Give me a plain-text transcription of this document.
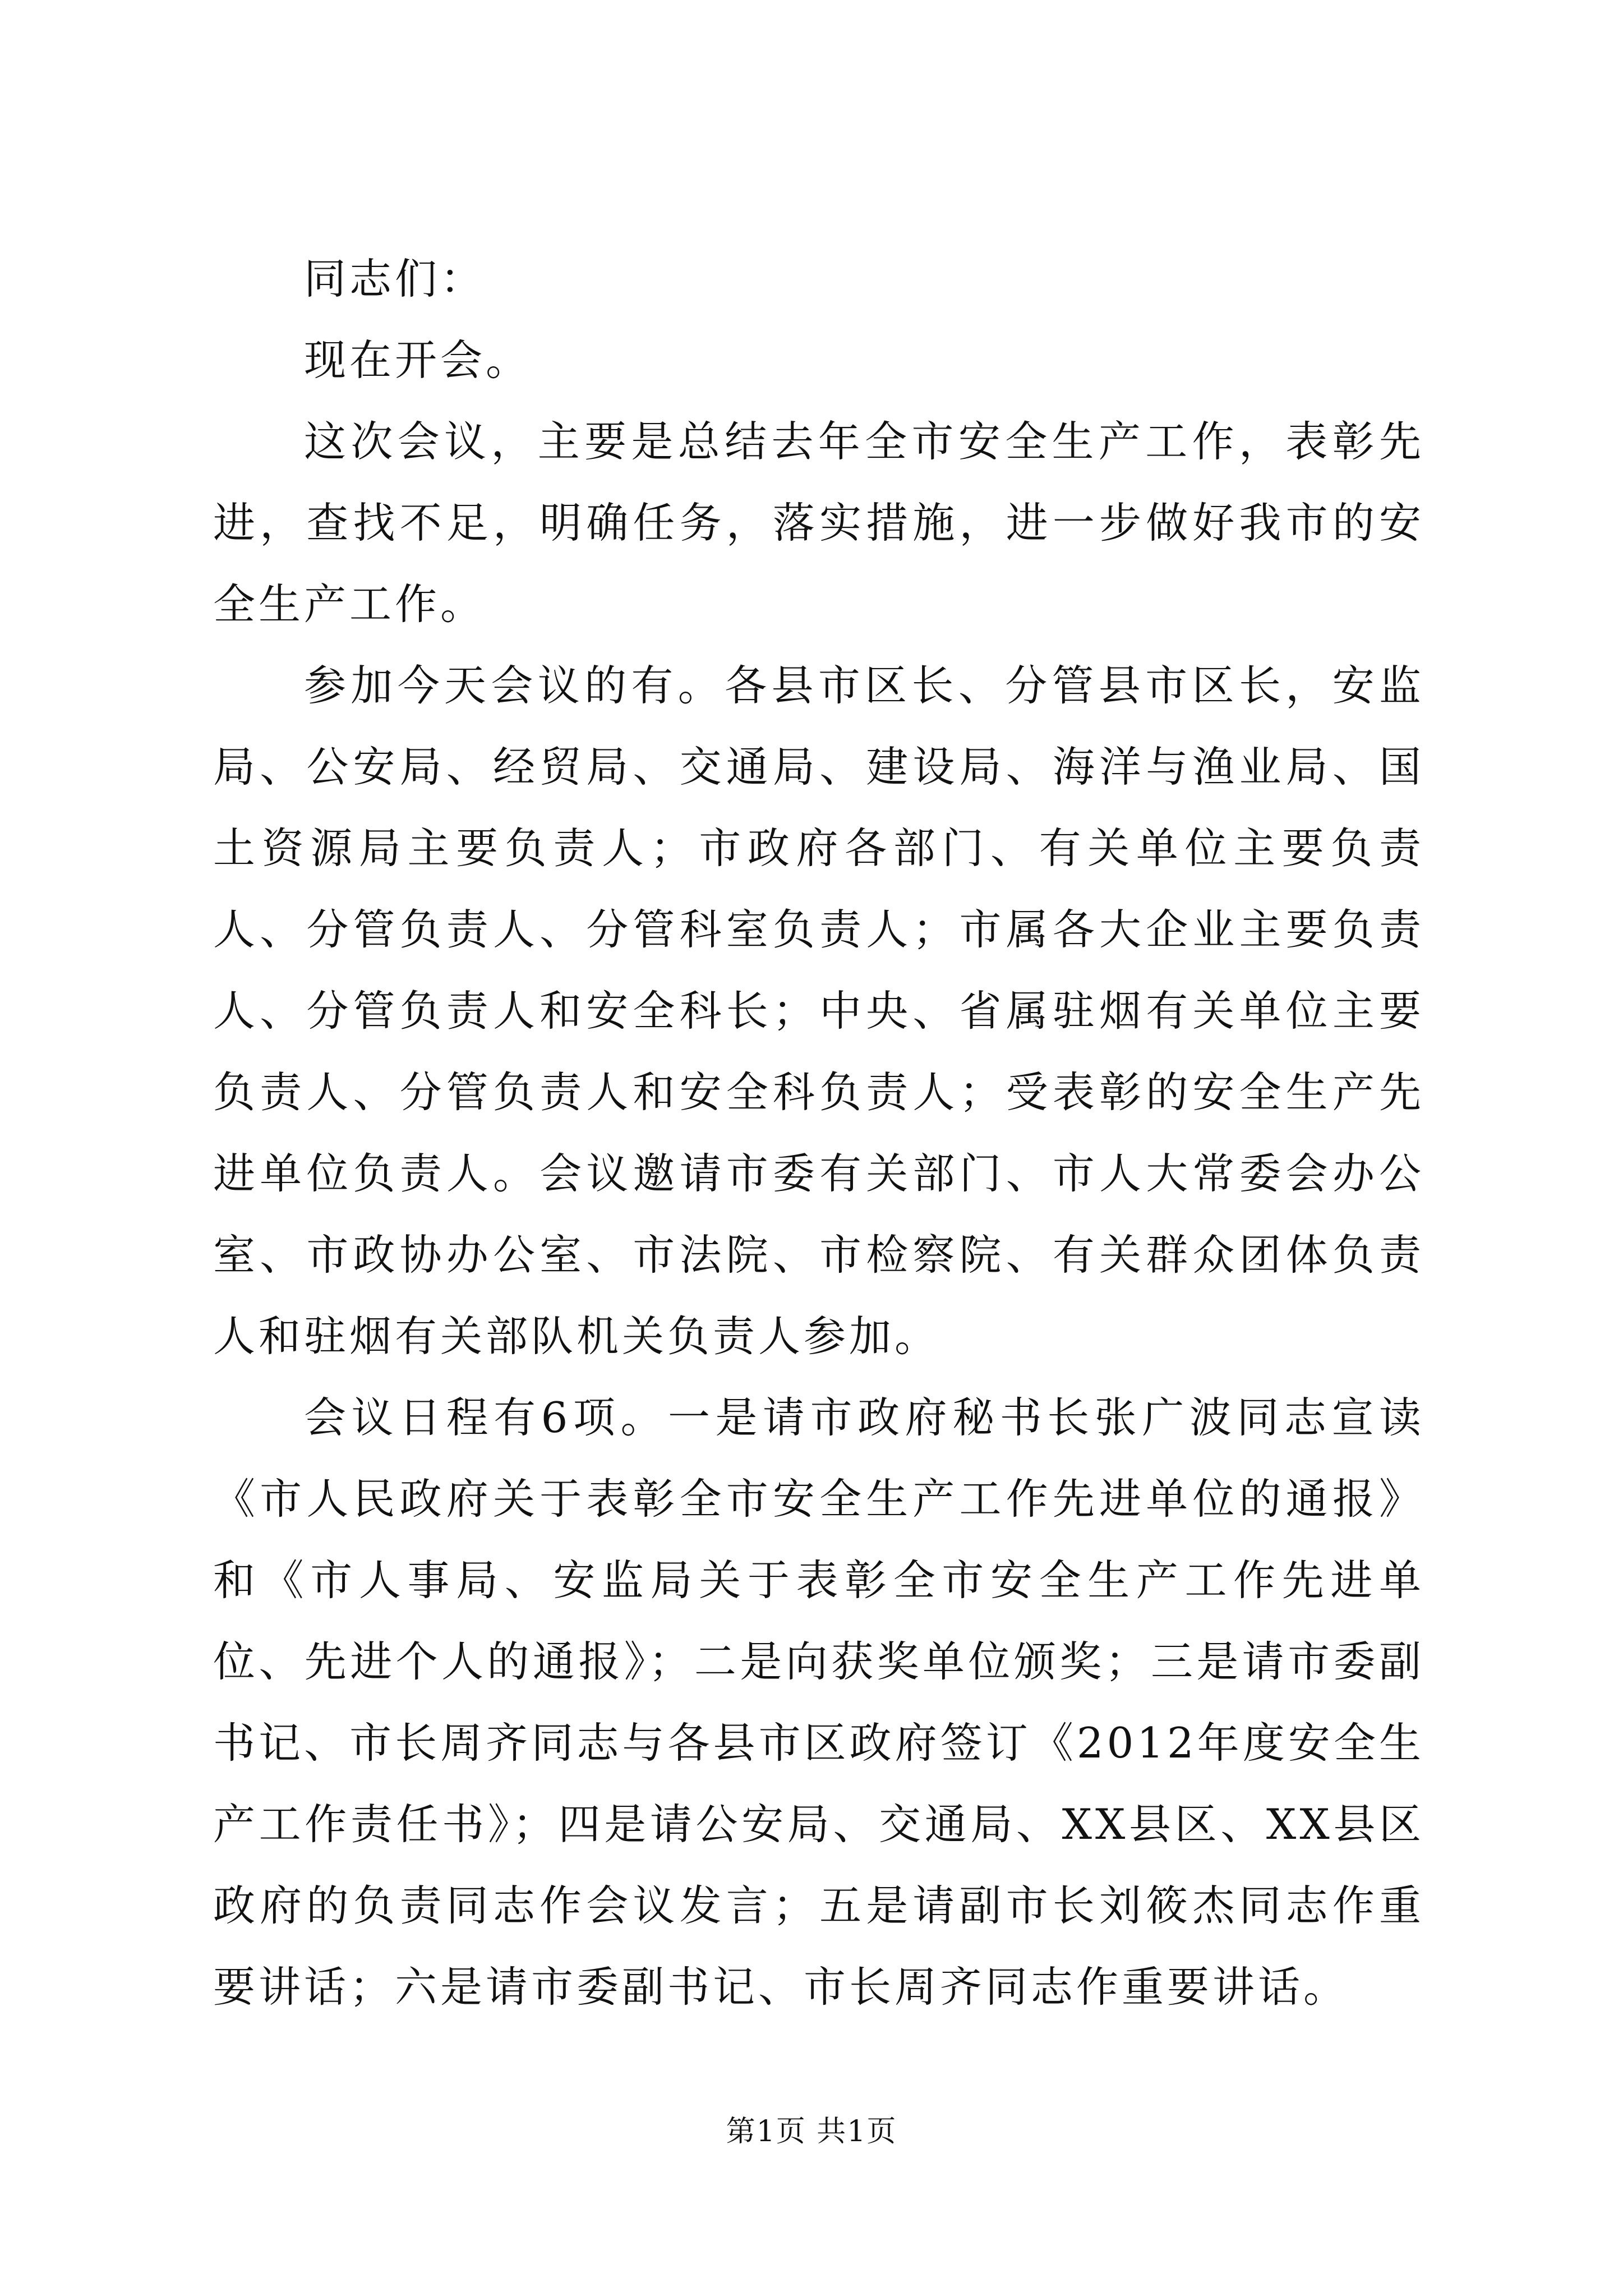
同志们：

现在开会。

这次会议，主要是总结去年全市安全生产工作，表彰先进，查找不足，明确任务，落实措施，进一步做好我市的安全生产工作。

参加今天会议的有。各县市区长、分管县市区长，安监局、公安局、经贸局、交通局、建设局、海洋与渔业局、国土资源局主要负责人；市政府各部门、有关单位主要负责人、分管负责人、分管科室负责人；市属各大企业主要负责人、分管负责人和安全科长；中央、省属驻烟有关单位主要负责人、分管负责人和安全科负责人；受表彰的安全生产先进单位负责人。会议邀请市委有关部门、市人大常委会办公室、市政协办公室、市法院、市检察院、有关群众团体负责人和驻烟有关部队机关负责人参加。

会议日程有6项。一是请市政府秘书长张广波同志宣读《市人民政府关于表彰全市安全生产工作先进单位的通报》和《市人事局、安监局关于表彰全市安全生产工作先进单位、先进个人的通报》；二是向获奖单位颁奖；三是请市委副书记、市长周齐同志与各县市区政府签订《2012年度安全生产工作责任书》；四是请公安局、交通局、XX县区、XX县区政府的负责同志作会议发言；五是请副市长刘筱杰同志作重要讲话；六是请市委副书记、市长周齐同志作重要讲话。

第1页 共1页
